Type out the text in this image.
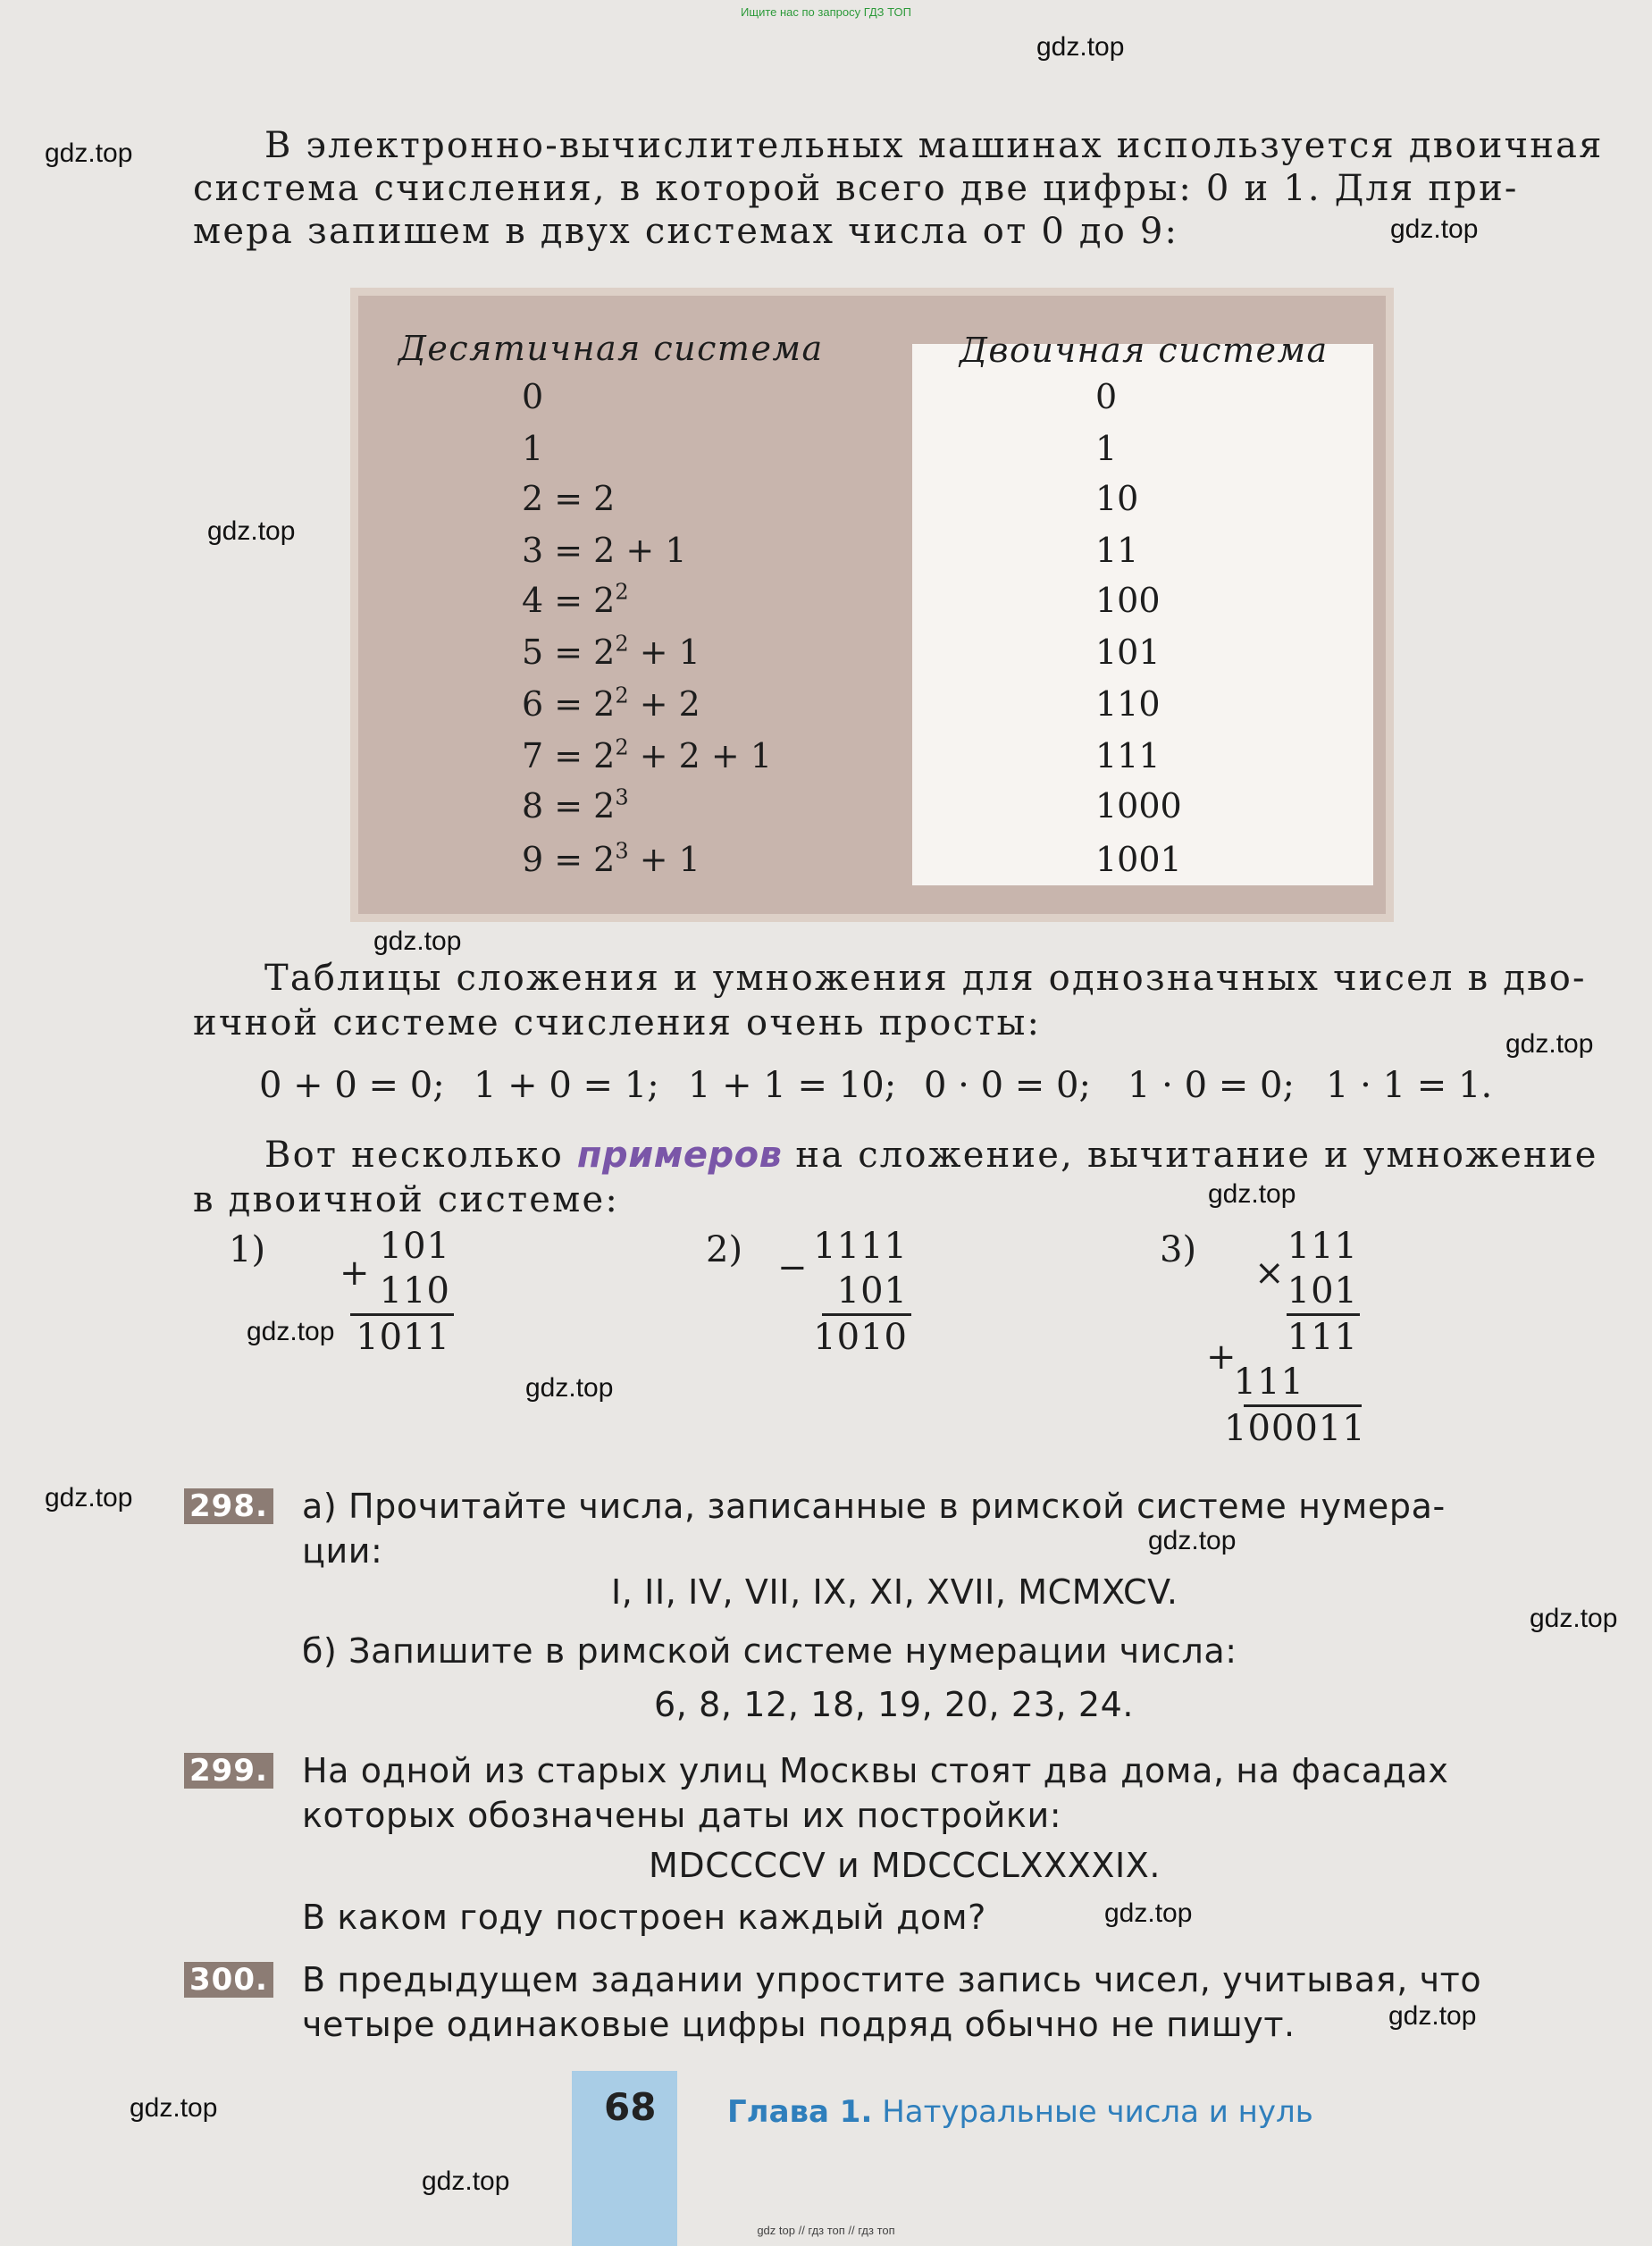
Ищите нас по запросу ГДЗ ТОП
gdz.top
gdz.top
gdz.top
gdz.top
gdz.top
gdz.top
gdz.top
gdz.top
gdz.top
gdz.top
gdz.top
gdz.top
gdz.top
gdz.top
gdz.top
gdz.top
В электронно-вычислительных машинах используется двоичная
система счисления, в которой всего две цифры: 0 и 1. Для при-
мера запишем в двух системах числа от 0 до 9:
Десятичная система	Двоичная система
Таблицы сложения и умножения для однозначных чисел в дво-
ичной системе счисления очень просты:
0 + 0 = 0; 1 + 0 = 1; 1 + 1 = 10; 0 · 0 = 0; 1 · 0 = 0; 1 · 1 = 1.
Вот несколько примеров на сложение, вычитание и умножение
в двоичной системе:
1)
+
101
110
1011
2) −
1111
101
1010
3)
×
111
101
111
+
111
100011
298. а) Прочитайте числа, записанные в римской системе нумера-
ции:
I, II, IV, VII, IX, XI, XVII, MCMXCV.
б) Запишите в римской системе нумерации числа:
6, 8, 12, 18, 19, 20, 23, 24.
299. На одной из старых улиц Москвы стоят два дома, на фасадах
которых обозначены даты их постройки:
MDCCCCV и MDCCCLXXXXIX.
В каком году построен каждый дом?
300. В предыдущем задании упростите запись чисел, учитывая, что
четыре одинаковые цифры подряд обычно не пишут.
68 Глава 1. Натуральные числа и нуль
gdz top // гдз топ // гдз топ
0
1
2 = 2
3 = 2 + 1
$4 = 2^2$
$5 = 2^2 + 1$
$6 = 2^2 + 2$
$7 = 2^2 + 2 + 1$
$8 = 2^3$
$9 = 2^3 + 1$
0
1
10
11
100
101
110
111
1000
1001
